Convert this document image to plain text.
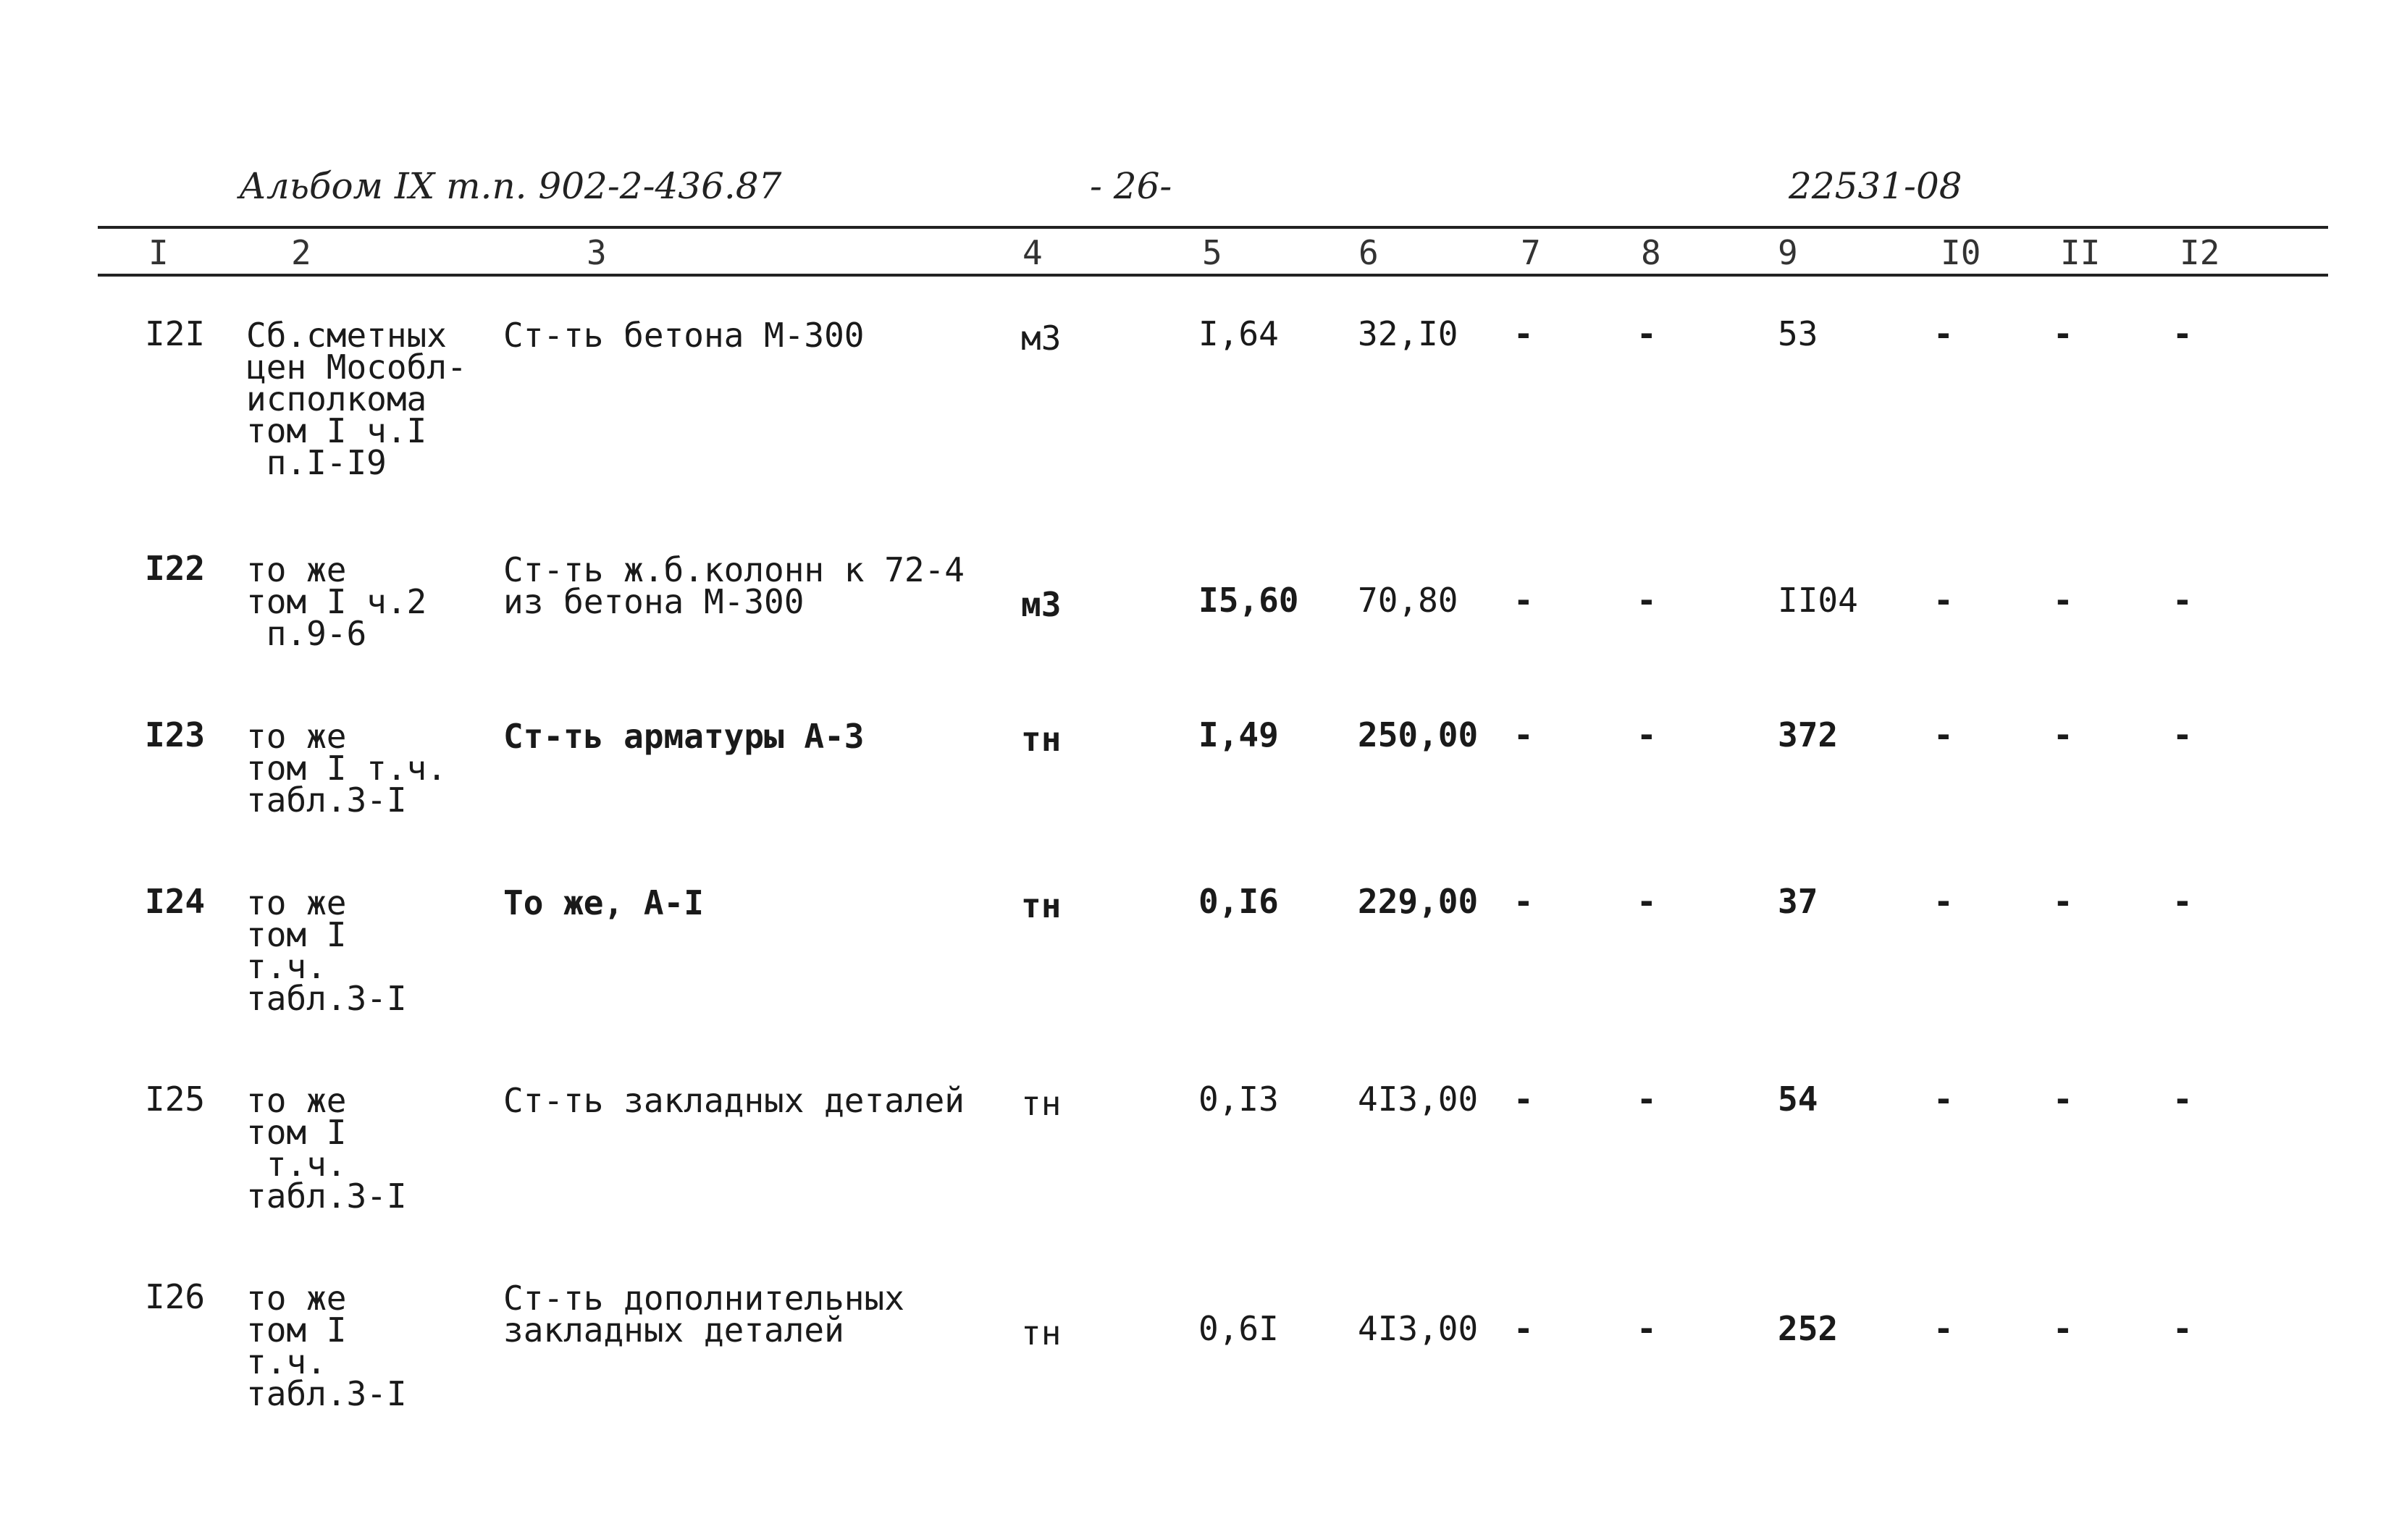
Альбом IX т.п. 902-2-436.87	- 26-	22531-08
I	2	3	4	5	6	7	8	9	I0 II I2
I2I Сб.сметных
цен Мособл-
исполкома
том I ч.I
п.I-I9
Ст-ть бетона М-300	м3	I,64 32,I0 -	-	53	-	-	-
I22 то же
том I ч.2
п.9-6
Ст-ть ж.б.колонн к 72-4
из бетона М-300	м3	I5,60 70,80 -	-	II04 -	-	-
I23 то же
том I т.ч.
табл.3-I
Ст-ть арматуры А-3	тн	I,49 250,00 -	-	372	-	-	-
I24 то же
том I
т.ч.
табл.3-I
То же, А-I	тн	0,I6 229,00 -	-	37	-	-	-
I25 то же
том I
т.ч.
табл.3-I
Ст-ть закладных деталей тн	0,I3 4I3,00 -	-	54	-	-	-
I26 то же
том I
т.ч.
табл.3-I
Ст-ть дополнительных
закладных деталей	тн	0,6I 4I3,00 -	-	252	-	-	-
